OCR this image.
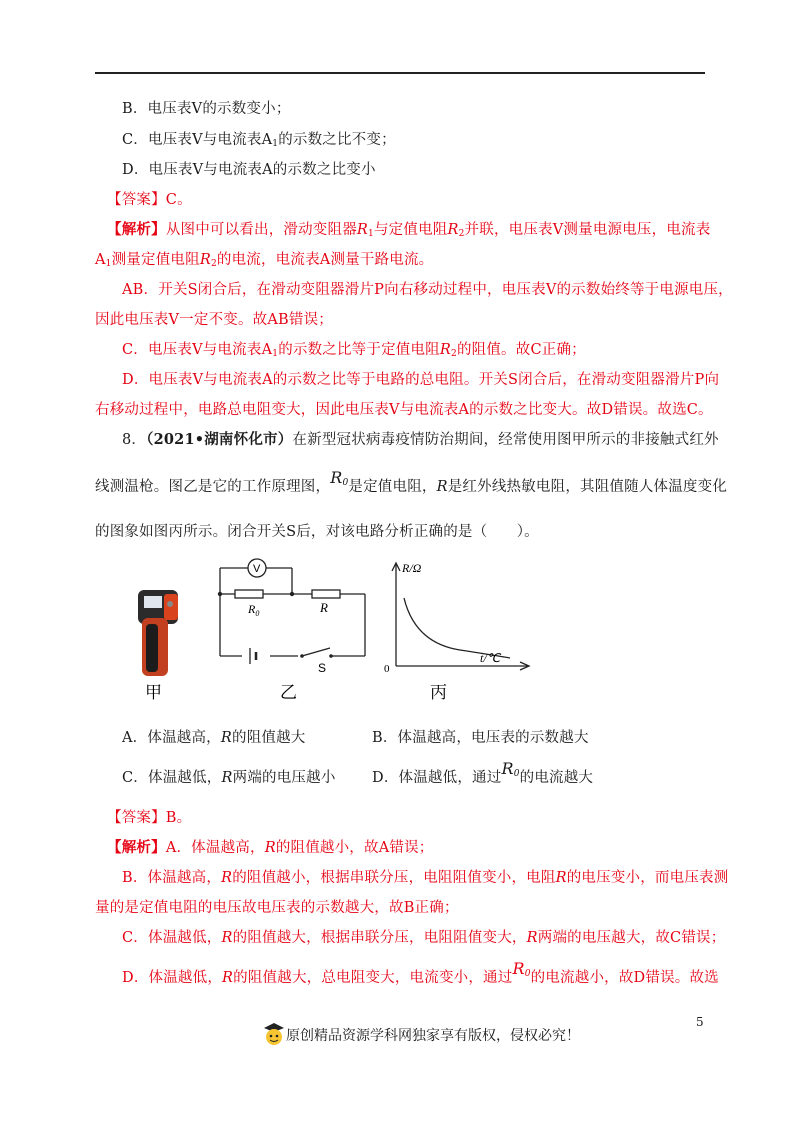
B．电压表V的示数变小；
C．电压表V与电流表$A_1$的示数之比不变；
D．电压表V与电流表A的示数之比变小
【答案】C。
【解析】从图中可以看出，滑动变阻器$R_1$与定值电阻$R_2$并联，电压表V测量电源电压，电流表
$A_1$测量定值电阻$R_2$的电流，电流表A测量干路电流。
AB．开关S闭合后，在滑动变阻器滑片P向右移动过程中，电压表V的示数始终等于电源电压，
因此电压表V一定不变。故AB错误；
C．电压表V与电流表$A_1$的示数之比等于定值电阻$R_2$的阻值。故C正确；
D．电压表V与电流表A的示数之比等于电路的总电阻。开关S闭合后，在滑动变阻器滑片P向
右移动过程中，电路总电阻变大，因此电压表V与电流表A的示数之比变大。故D错误。故选C。
8．（2021•湖南怀化市）在新型冠状病毒疫情防治期间，经常使用图甲所示的非接触式红外
线测温枪。图乙是它的工作原理图，$R_0$是定值电阻，R是红外线热敏电阻，其阻值随人体温度变化
的图象如图丙所示。闭合开关S后，对该电路分析正确的是（　　）。
甲
V
$R_0$	R
S
乙
R/Ω
t/℃
0
丙
A．体温越高，R的阻值越大	B．体温越高，电压表的示数越大
C．体温越低，R两端的电压越小	D．体温越低，通过$R_0$的电流越大
【答案】B。
【解析】A．体温越高，R的阻值越小，故A错误；
B．体温越高，R的阻值越小，根据串联分压，电阻阻值变小，电阻R的电压变小，而电压表测
量的是定值电阻的电压故电压表的示数越大，故B正确；
C．体温越低，R的阻值越大，根据串联分压，电阻阻值变大，R两端的电压越大，故C错误；
D．体温越低，R的阻值越大，总电阻变大，电流变小，通过$R_0$的电流越小，故D错误。故选
5
原创精品资源学科网独家享有版权，侵权必究！
